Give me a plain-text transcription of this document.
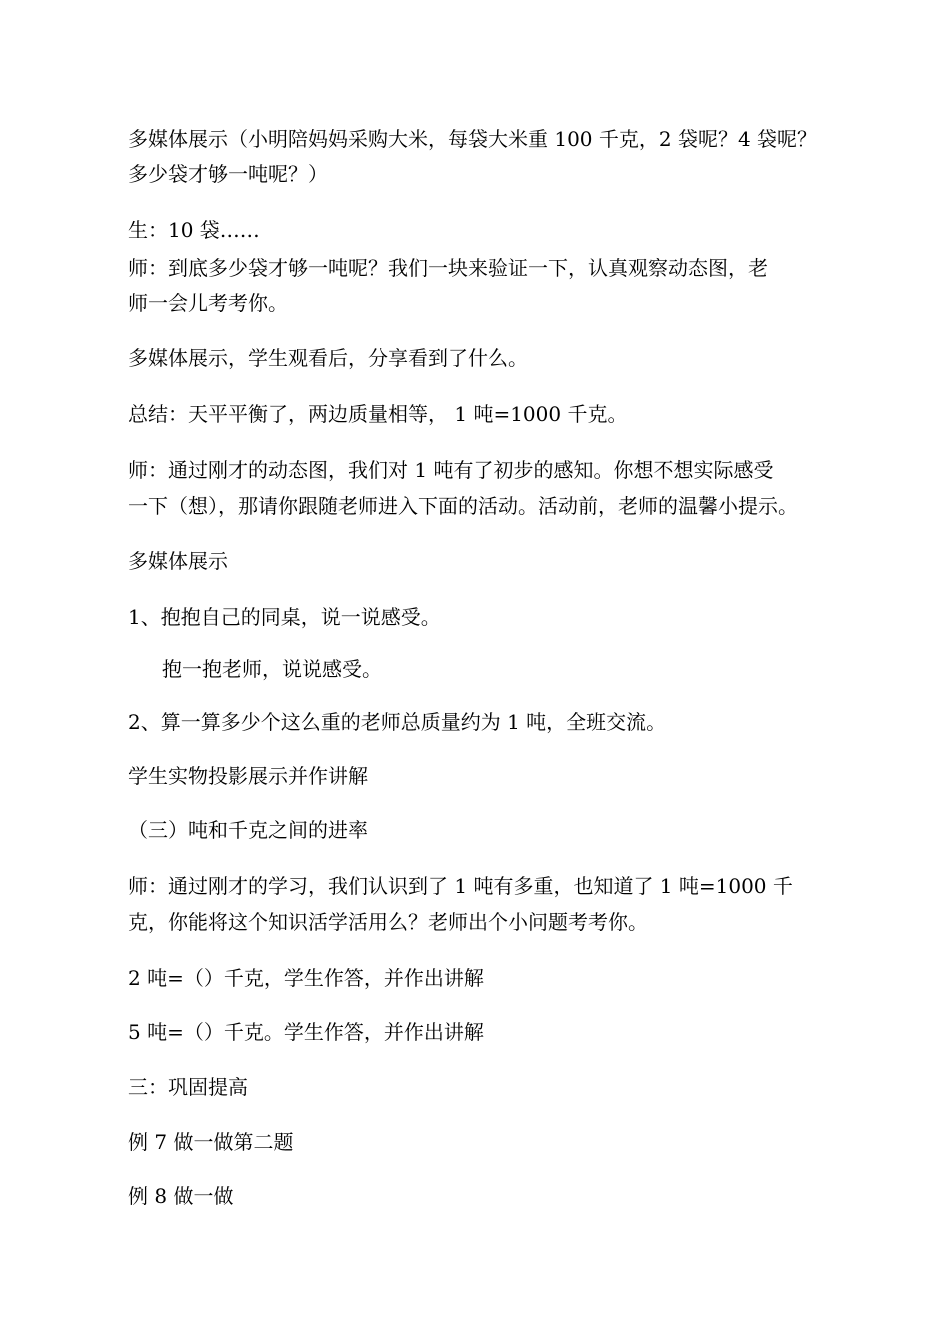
多媒体展示（小明陪妈妈采购大米，每袋大米重 100 千克，2 袋呢？4 袋呢？
多少袋才够一吨呢？）
生：10 袋……
师：到底多少袋才够一吨呢？我们一块来验证一下，认真观察动态图，老
师一会儿考考你。
多媒体展示，学生观看后，分享看到了什么。
总结：天平平衡了，两边质量相等， 1 吨=1000 千克。
师：通过刚才的动态图，我们对 1 吨有了初步的感知。你想不想实际感受
一下（想），那请你跟随老师进入下面的活动。活动前，老师的温馨小提示。
多媒体展示
1、抱抱自己的同桌，说一说感受。
抱一抱老师，说说感受。
2、算一算多少个这么重的老师总质量约为 1 吨，全班交流。
学生实物投影展示并作讲解
（三）吨和千克之间的进率
师：通过刚才的学习，我们认识到了 1 吨有多重，也知道了 1 吨=1000 千
克，你能将这个知识活学活用么？老师出个小问题考考你。
2 吨=（）千克，学生作答，并作出讲解
5 吨=（）千克。学生作答，并作出讲解
三：巩固提高
例 7 做一做第二题
例 8 做一做
